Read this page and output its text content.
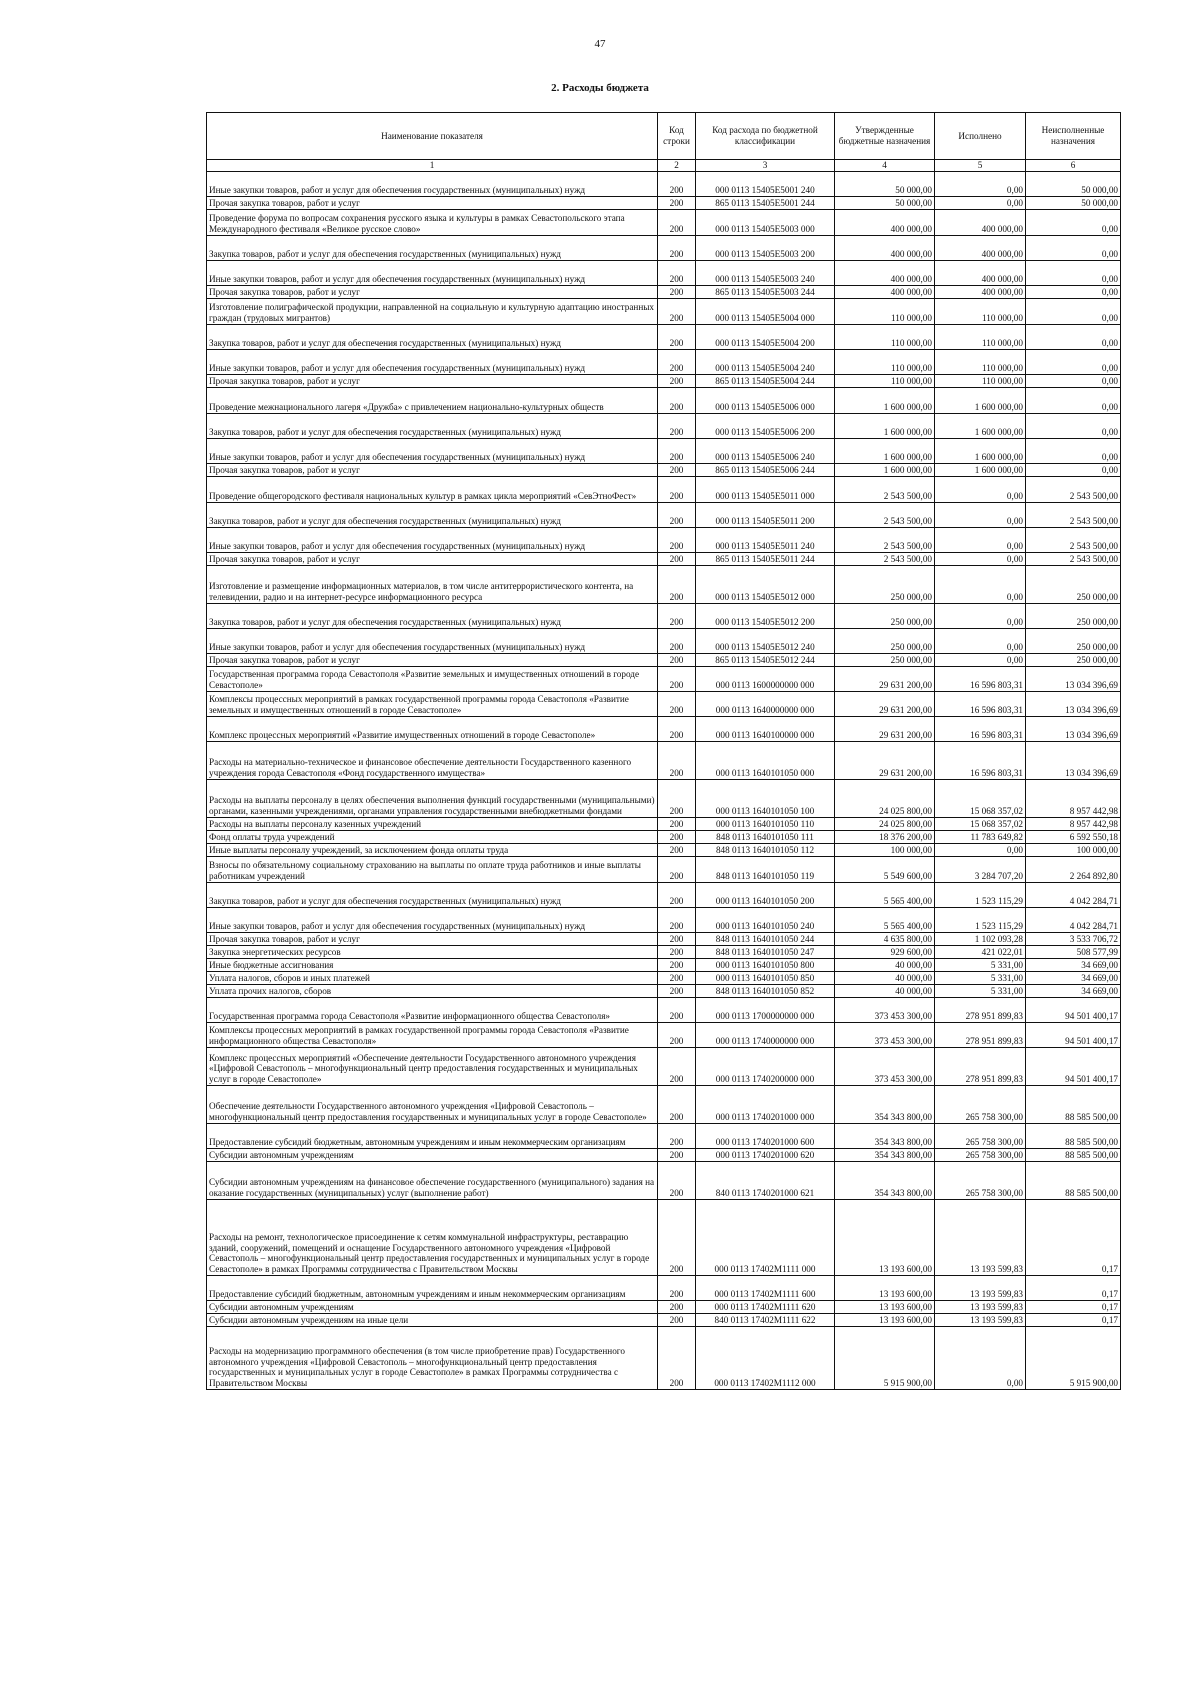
47
2. Расходы бюджета
Наименование показателя	Код строки	Код расхода по бюджетной классификации	Утвержденные бюджетные назначения	Исполнено	Неисполненные назначения
1	2	3	4	5	6
Иные закупки товаров, работ и услуг для обеспечения государственных (муниципальных) нужд	200	000 0113 15405E5001 240	50 000,00	0,00	50 000,00
Прочая закупка товаров, работ и услуг	200	865 0113 15405E5001 244	50 000,00	0,00	50 000,00
Проведение форума по вопросам сохранения русского языка и культуры в рамках Севастопольского этапа Международного фестиваля «Великое русское слово»	200	000 0113 15405E5003 000	400 000,00	400 000,00	0,00
Закупка товаров, работ и услуг для обеспечения государственных (муниципальных) нужд	200	000 0113 15405E5003 200	400 000,00	400 000,00	0,00
Иные закупки товаров, работ и услуг для обеспечения государственных (муниципальных) нужд	200	000 0113 15405E5003 240	400 000,00	400 000,00	0,00
Прочая закупка товаров, работ и услуг	200	865 0113 15405E5003 244	400 000,00	400 000,00	0,00
Изготовление полиграфической продукции, направленной на социальную и культурную адаптацию иностранных граждан (трудовых мигрантов)	200	000 0113 15405E5004 000	110 000,00	110 000,00	0,00
Закупка товаров, работ и услуг для обеспечения государственных (муниципальных) нужд	200	000 0113 15405E5004 200	110 000,00	110 000,00	0,00
Иные закупки товаров, работ и услуг для обеспечения государственных (муниципальных) нужд	200	000 0113 15405E5004 240	110 000,00	110 000,00	0,00
Прочая закупка товаров, работ и услуг	200	865 0113 15405E5004 244	110 000,00	110 000,00	0,00
Проведение межнационального лагеря «Дружба» с привлечением национально-культурных обществ	200	000 0113 15405E5006 000	1 600 000,00	1 600 000,00	0,00
Закупка товаров, работ и услуг для обеспечения государственных (муниципальных) нужд	200	000 0113 15405E5006 200	1 600 000,00	1 600 000,00	0,00
Иные закупки товаров, работ и услуг для обеспечения государственных (муниципальных) нужд	200	000 0113 15405E5006 240	1 600 000,00	1 600 000,00	0,00
Прочая закупка товаров, работ и услуг	200	865 0113 15405E5006 244	1 600 000,00	1 600 000,00	0,00
Проведение общегородского фестиваля национальных культур в рамках цикла мероприятий «СевЭтноФест»	200	000 0113 15405E5011 000	2 543 500,00	0,00	2 543 500,00
Закупка товаров, работ и услуг для обеспечения государственных (муниципальных) нужд	200	000 0113 15405E5011 200	2 543 500,00	0,00	2 543 500,00
Иные закупки товаров, работ и услуг для обеспечения государственных (муниципальных) нужд	200	000 0113 15405E5011 240	2 543 500,00	0,00	2 543 500,00
Прочая закупка товаров, работ и услуг	200	865 0113 15405E5011 244	2 543 500,00	0,00	2 543 500,00
Изготовление и размещение информационных материалов, в том числе антитеррористического контента, на телевидении, радио и на интернет-ресурсе информационного ресурса	200	000 0113 15405E5012 000	250 000,00	0,00	250 000,00
Закупка товаров, работ и услуг для обеспечения государственных (муниципальных) нужд	200	000 0113 15405E5012 200	250 000,00	0,00	250 000,00
Иные закупки товаров, работ и услуг для обеспечения государственных (муниципальных) нужд	200	000 0113 15405E5012 240	250 000,00	0,00	250 000,00
Прочая закупка товаров, работ и услуг	200	865 0113 15405E5012 244	250 000,00	0,00	250 000,00
Государственная программа города Севастополя «Развитие земельных и имущественных отношений в городе Севастополе»	200	000 0113 1600000000 000	29 631 200,00	16 596 803,31	13 034 396,69
Комплексы процессных мероприятий в рамках государственной программы города Севастополя «Развитие земельных и имущественных отношений в городе Севастополе»	200	000 0113 1640000000 000	29 631 200,00	16 596 803,31	13 034 396,69
Комплекс процессных мероприятий «Развитие имущественных отношений в городе Севастополе»	200	000 0113 1640100000 000	29 631 200,00	16 596 803,31	13 034 396,69
Расходы на материально-техническое и финансовое обеспечение деятельности Государственного казенного учреждения города Севастополя «Фонд государственного имущества»	200	000 0113 1640101050 000	29 631 200,00	16 596 803,31	13 034 396,69
Расходы на выплаты персоналу в целях обеспечения выполнения функций государственными (муниципальными) органами, казенными учреждениями, органами управления государственными внебюджетными фондами	200	000 0113 1640101050 100	24 025 800,00	15 068 357,02	8 957 442,98
Расходы на выплаты персоналу казенных учреждений	200	000 0113 1640101050 110	24 025 800,00	15 068 357,02	8 957 442,98
Фонд оплаты труда учреждений	200	848 0113 1640101050 111	18 376 200,00	11 783 649,82	6 592 550,18
Иные выплаты персоналу учреждений, за исключением фонда оплаты труда	200	848 0113 1640101050 112	100 000,00	0,00	100 000,00
Взносы по обязательному социальному страхованию на выплаты по оплате труда работников и иные выплаты работникам учреждений	200	848 0113 1640101050 119	5 549 600,00	3 284 707,20	2 264 892,80
Закупка товаров, работ и услуг для обеспечения государственных (муниципальных) нужд	200	000 0113 1640101050 200	5 565 400,00	1 523 115,29	4 042 284,71
Иные закупки товаров, работ и услуг для обеспечения государственных (муниципальных) нужд	200	000 0113 1640101050 240	5 565 400,00	1 523 115,29	4 042 284,71
Прочая закупка товаров, работ и услуг	200	848 0113 1640101050 244	4 635 800,00	1 102 093,28	3 533 706,72
Закупка энергетических ресурсов	200	848 0113 1640101050 247	929 600,00	421 022,01	508 577,99
Иные бюджетные ассигнования	200	000 0113 1640101050 800	40 000,00	5 331,00	34 669,00
Уплата налогов, сборов и иных платежей	200	000 0113 1640101050 850	40 000,00	5 331,00	34 669,00
Уплата прочих налогов, сборов	200	848 0113 1640101050 852	40 000,00	5 331,00	34 669,00
Государственная программа города Севастополя «Развитие информационного общества Севастополя»	200	000 0113 1700000000 000	373 453 300,00	278 951 899,83	94 501 400,17
Комплексы процессных мероприятий в рамках государственной программы города Севастополя «Развитие информационного общества Севастополя»	200	000 0113 1740000000 000	373 453 300,00	278 951 899,83	94 501 400,17
Комплекс процессных мероприятий «Обеспечение деятельности Государственного автономного учреждения «Цифровой Севастополь – многофункциональный центр предоставления государственных и муниципальных услуг в городе Севастополе»	200	000 0113 1740200000 000	373 453 300,00	278 951 899,83	94 501 400,17
Обеспечение деятельности Государственного автономного учреждения «Цифровой Севастополь – многофункциональный центр предоставления государственных и муниципальных услуг в городе Севастополе»	200	000 0113 1740201000 000	354 343 800,00	265 758 300,00	88 585 500,00
Предоставление субсидий бюджетным, автономным учреждениям и иным некоммерческим организациям	200	000 0113 1740201000 600	354 343 800,00	265 758 300,00	88 585 500,00
Субсидии автономным учреждениям	200	000 0113 1740201000 620	354 343 800,00	265 758 300,00	88 585 500,00
Субсидии автономным учреждениям на финансовое обеспечение государственного (муниципального) задания на оказание государственных (муниципальных) услуг (выполнение работ)	200	840 0113 1740201000 621	354 343 800,00	265 758 300,00	88 585 500,00
Расходы на ремонт, технологическое присоединение к сетям коммунальной инфраструктуры, реставрацию зданий, сооружений, помещений и оснащение Государственного автономного учреждения «Цифровой Севастополь – многофункциональный центр предоставления государственных и муниципальных услуг в городе Севастополе» в рамках Программы сотрудничества с Правительством Москвы	200	000 0113 17402M1111 000	13 193 600,00	13 193 599,83	0,17
Предоставление субсидий бюджетным, автономным учреждениям и иным некоммерческим организациям	200	000 0113 17402M1111 600	13 193 600,00	13 193 599,83	0,17
Субсидии автономным учреждениям	200	000 0113 17402M1111 620	13 193 600,00	13 193 599,83	0,17
Субсидии автономным учреждениям на иные цели	200	840 0113 17402M1111 622	13 193 600,00	13 193 599,83	0,17
Расходы на модернизацию программного обеспечения (в том числе приобретение прав) Государственного автономного учреждения «Цифровой Севастополь – многофункциональный центр предоставления государственных и муниципальных услуг в городе Севастополе» в рамках Программы сотрудничества с Правительством Москвы	200	000 0113 17402M1112 000	5 915 900,00	0,00	5 915 900,00
